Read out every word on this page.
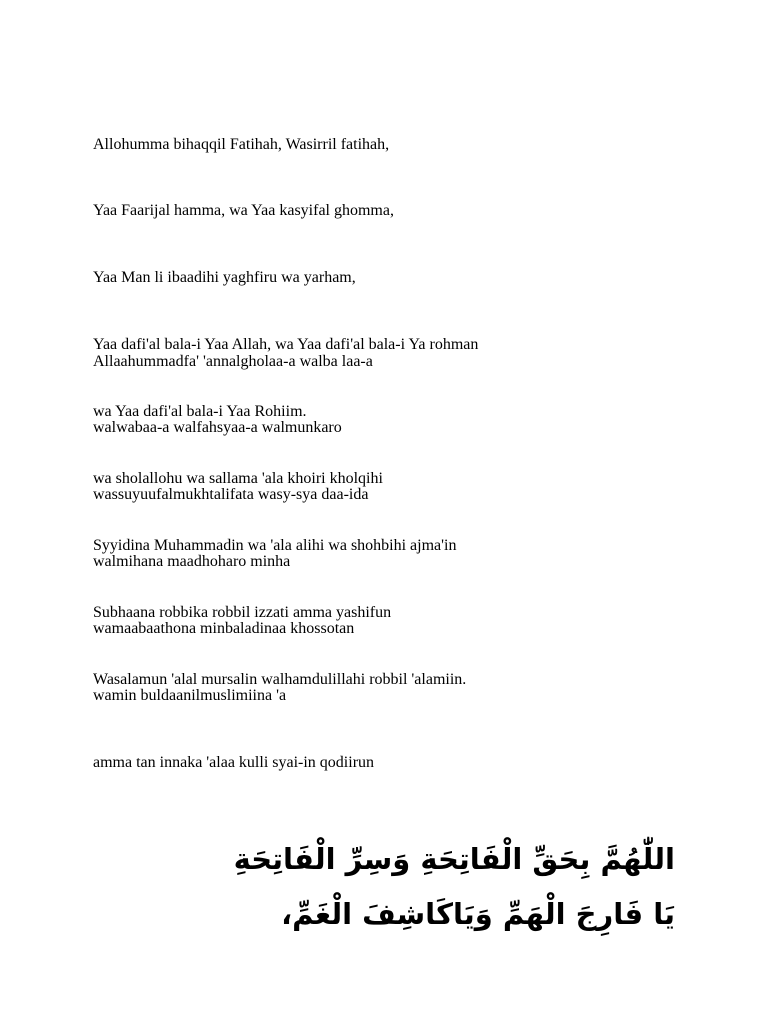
Allohumma bihaqqil Fatihah, Wasirril fatihah,

Yaa Faarijal hamma, wa Yaa kasyifal ghomma,

Yaa Man li ibaadihi yaghfiru wa yarham,

Yaa dafi'al bala-i Yaa Allah, wa Yaa dafi'al bala-i Ya rohman

wa Yaa dafi'al bala-i Yaa Rohiim.

wa sholallohu wa sallama 'ala khoiri kholqihi

Syyidina Muhammadin wa 'ala alihi wa shohbihi ajma'in

Subhaana robbika robbil izzati amma yashifun

Wasalamun 'alal mursalin walhamdulillahi robbil 'alamiin.

Allaahummadfa' 'annalgholaa-a walba laa-a

walwabaa-a walfahsyaa-a walmunkaro

wassuyuufalmukhtalifata wasy-sya daa-ida

walmihana maadhoharo minha

wamaabaathona minbaladinaa khossotan

wamin buldaanilmuslimiina 'a

amma tan innaka 'alaa kulli syai-in qodiirun

اللّٰهُمَّ بِحَقِّ الْفَاتِحَةِ وَسِرِّ الْفَاتِحَةِ
يَا فَارِجَ الْهَمِّ وَيَاكَاشِفَ الْغَمِّ،
